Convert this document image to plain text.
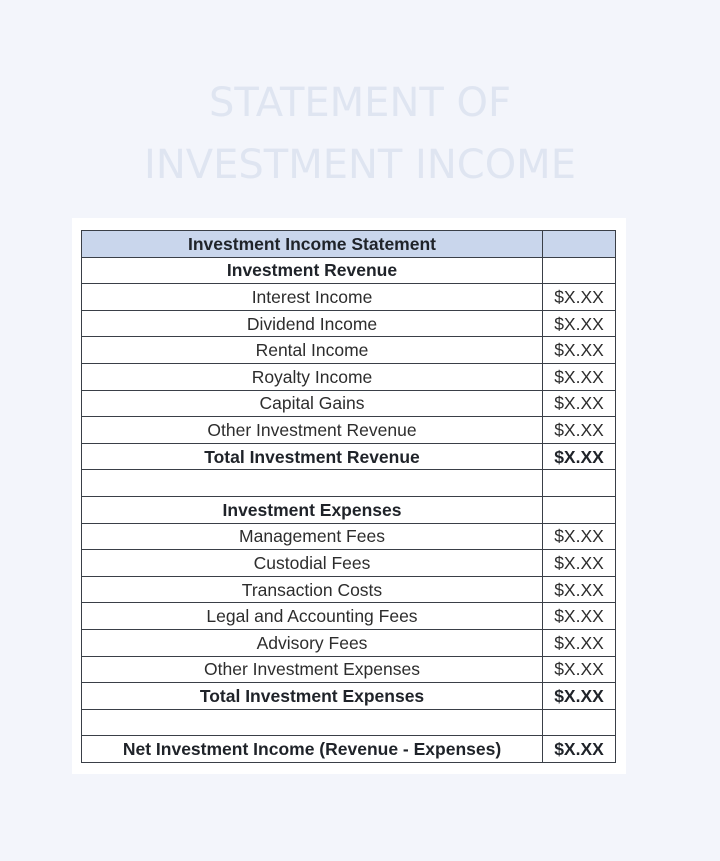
STATEMENT OF
INVESTMENT INCOME
Investment Income Statement	
Investment Revenue	
Interest Income	$X.XX
Dividend Income	$X.XX
Rental Income	$X.XX
Royalty Income	$X.XX
Capital Gains	$X.XX
Other Investment Revenue	$X.XX
Total Investment Revenue	$X.XX

Investment Expenses	
Management Fees	$X.XX
Custodial Fees	$X.XX
Transaction Costs	$X.XX
Legal and Accounting Fees	$X.XX
Advisory Fees	$X.XX
Other Investment Expenses	$X.XX
Total Investment Expenses	$X.XX

Net Investment Income (Revenue - Expenses)	$X.XX
